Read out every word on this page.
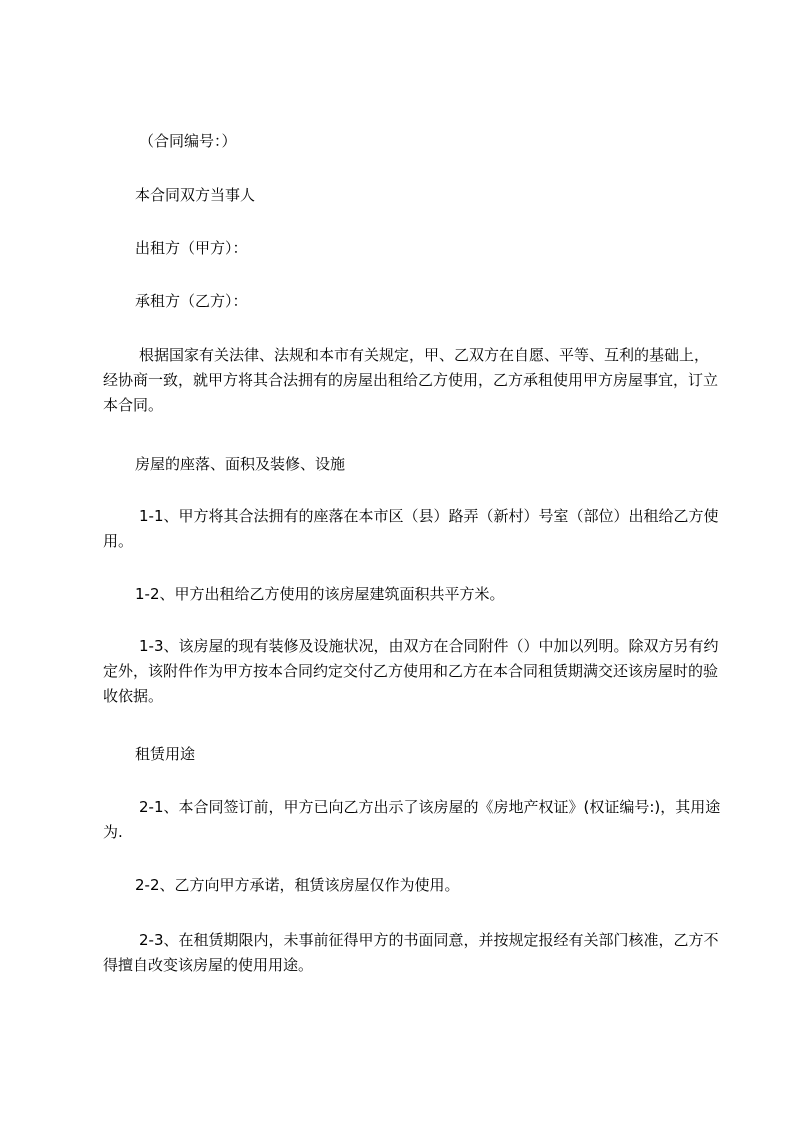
（合同编号：）
本合同双方当事人
出租方（甲方）：
承租方（乙方）：
根据国家有关法律、法规和本市有关规定，甲、乙双方在自愿、平等、互利的基础上，经协商一致，就甲方将其合法拥有的房屋出租给乙方使用，乙方承租使用甲方房屋事宜，订立本合同。
房屋的座落、面积及装修、设施
1-1、甲方将其合法拥有的座落在本市区（县）路弄（新村）号室（部位）出租给乙方使用。
1-2、甲方出租给乙方使用的该房屋建筑面积共平方米。
1-3、该房屋的现有装修及设施状况，由双方在合同附件（）中加以列明。除双方另有约定外，该附件作为甲方按本合同约定交付乙方使用和乙方在本合同租赁期满交还该房屋时的验收依据。
租赁用途
2-1、本合同签订前，甲方已向乙方出示了该房屋的《房地产权证》(权证编号:)，其用途为.
2-2、乙方向甲方承诺，租赁该房屋仅作为使用。
2-3、在租赁期限内，未事前征得甲方的书面同意，并按规定报经有关部门核准，乙方不得擅自改变该房屋的使用用途。
